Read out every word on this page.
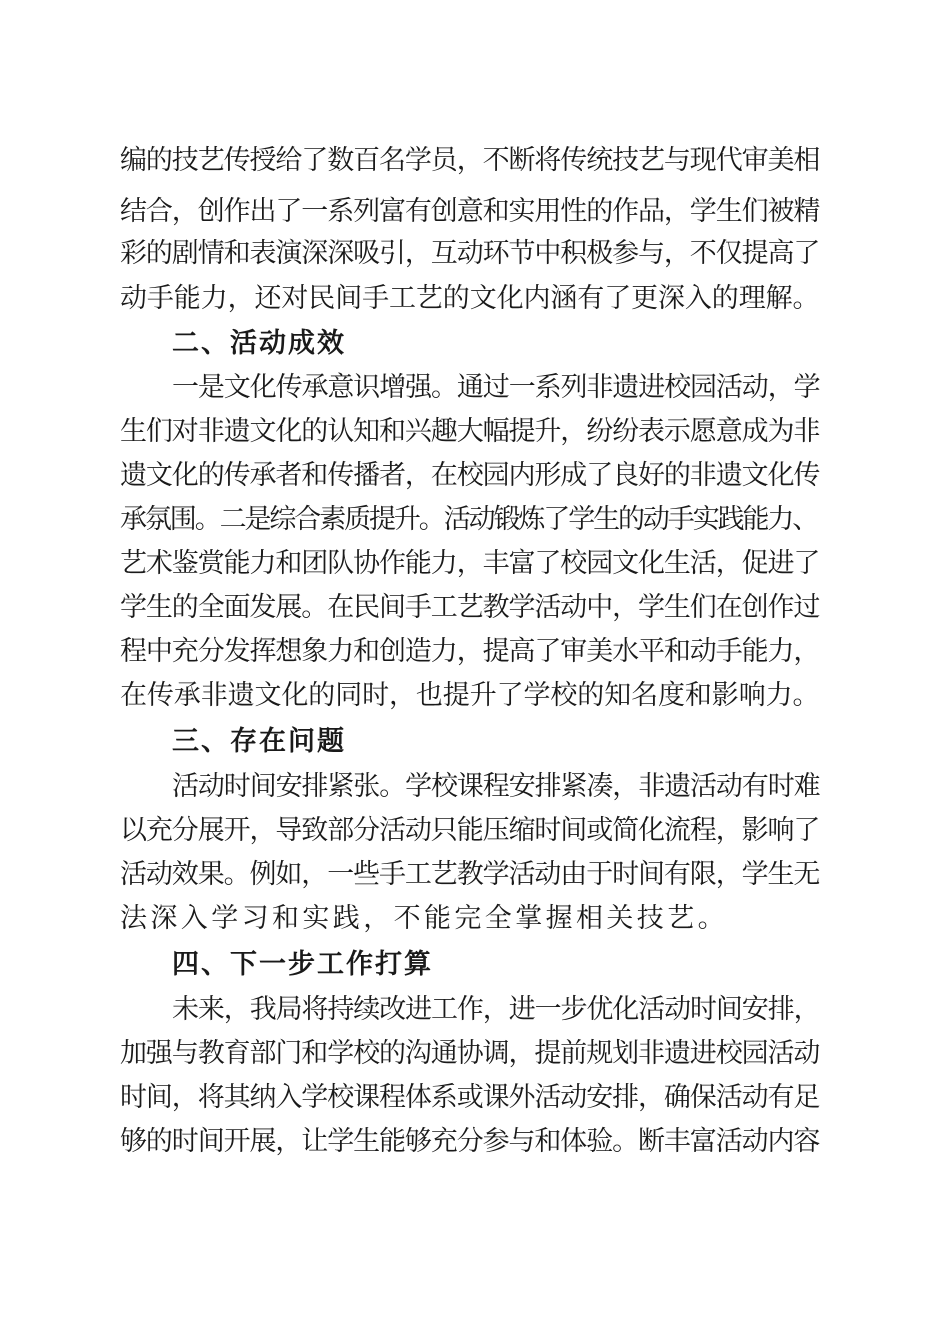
编的技艺传授给了数百名学员，不断将传统技艺与现代审美相
结合，创作出了一系列富有创意和实用性的作品，学生们被精
彩的剧情和表演深深吸引，互动环节中积极参与，不仅提高了
动手能力，还对民间手工艺的文化内涵有了更深入的理解。
二、活动成效
一是文化传承意识增强。通过一系列非遗进校园活动，学
生们对非遗文化的认知和兴趣大幅提升，纷纷表示愿意成为非
遗文化的传承者和传播者，在校园内形成了良好的非遗文化传
承氛围。二是综合素质提升。活动锻炼了学生的动手实践能力、
艺术鉴赏能力和团队协作能力，丰富了校园文化生活，促进了
学生的全面发展。在民间手工艺教学活动中，学生们在创作过
程中充分发挥想象力和创造力，提高了审美水平和动手能力，
在传承非遗文化的同时，也提升了学校的知名度和影响力。
三、存在问题
活动时间安排紧张。学校课程安排紧凑，非遗活动有时难
以充分展开，导致部分活动只能压缩时间或简化流程，影响了
活动效果。例如，一些手工艺教学活动由于时间有限，学生无
法深入学习和实践，不能完全掌握相关技艺。
四、下一步工作打算
未来，我局将持续改进工作，进一步优化活动时间安排，
加强与教育部门和学校的沟通协调，提前规划非遗进校园活动
时间，将其纳入学校课程体系或课外活动安排，确保活动有足
够的时间开展，让学生能够充分参与和体验。断丰富活动内容
